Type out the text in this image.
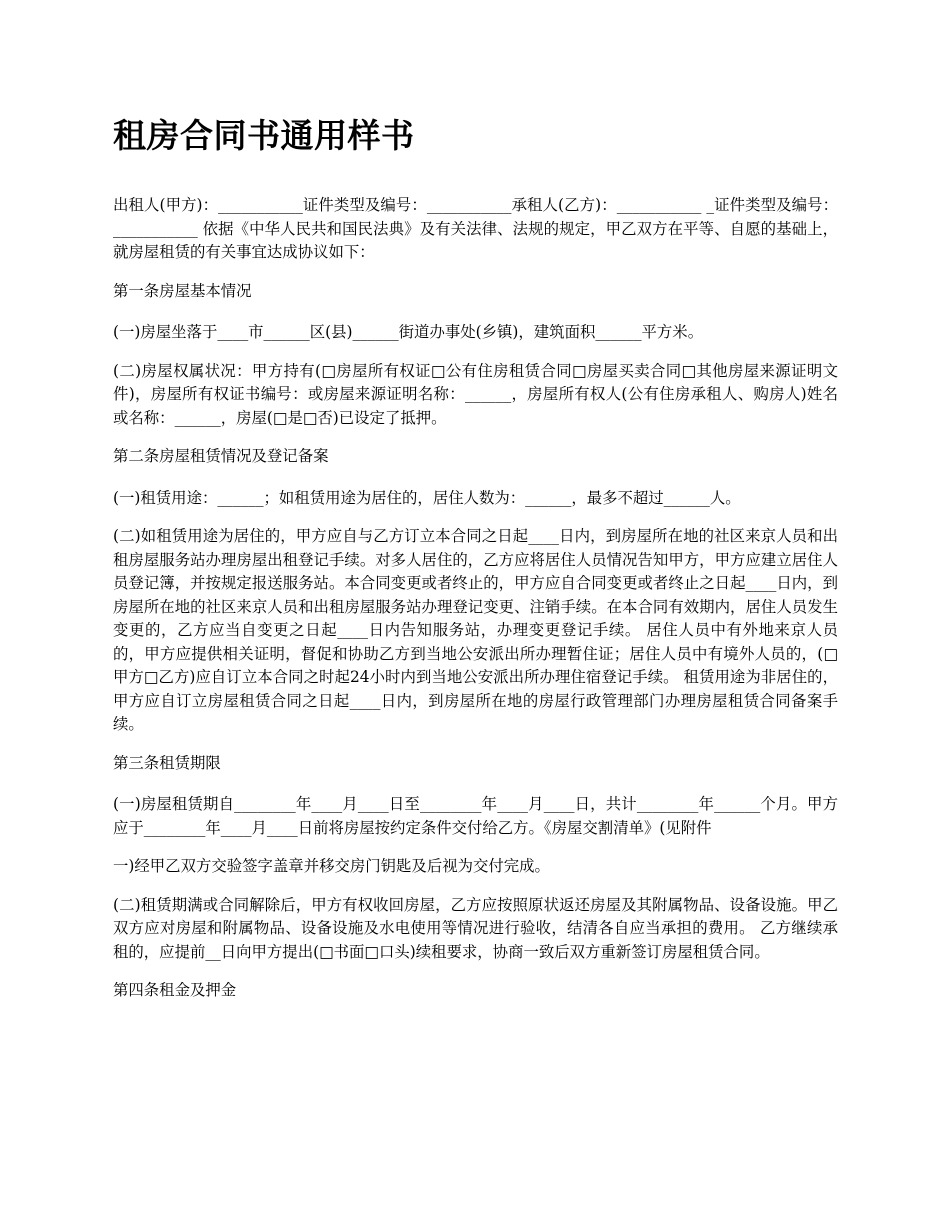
租房合同书通用样书

出租人(甲方)：___________证件类型及编号：___________承租人(乙方)：___________ _证件类型及编号：___________ 依据《中华人民共和国民法典》及有关法律、法规的规定，甲乙双方在平等、自愿的基础上，就房屋租赁的有关事宜达成协议如下：

第一条房屋基本情况

(一)房屋坐落于____市______区(县)______街道办事处(乡镇)，建筑面积______平方米。

(二)房屋权属状况：甲方持有(□房屋所有权证□公有住房租赁合同□房屋买卖合同□其他房屋来源证明文件)，房屋所有权证书编号：或房屋来源证明名称：______，房屋所有权人(公有住房承租人、购房人)姓名或名称：______，房屋(□是□否)已设定了抵押。

第二条房屋租赁情况及登记备案

(一)租赁用途：______；如租赁用途为居住的，居住人数为：______，最多不超过______人。

(二)如租赁用途为居住的，甲方应自与乙方订立本合同之日起____日内，到房屋所在地的社区来京人员和出租房屋服务站办理房屋出租登记手续。对多人居住的，乙方应将居住人员情况告知甲方，甲方应建立居住人员登记簿，并按规定报送服务站。本合同变更或者终止的，甲方应自合同变更或者终止之日起____日内，到房屋所在地的社区来京人员和出租房屋服务站办理登记变更、注销手续。在本合同有效期内，居住人员发生变更的，乙方应当自变更之日起____日内告知服务站，办理变更登记手续。 居住人员中有外地来京人员的，甲方应提供相关证明，督促和协助乙方到当地公安派出所办理暂住证；居住人员中有境外人员的，(□甲方□乙方)应自订立本合同之时起24小时内到当地公安派出所办理住宿登记手续。 租赁用途为非居住的，甲方应自订立房屋租赁合同之日起____日内，到房屋所在地的房屋行政管理部门办理房屋租赁合同备案手续。

第三条租赁期限

(一)房屋租赁期自________年____月____日至________年____月____日，共计________年______个月。甲方应于________年____月____日前将房屋按约定条件交付给乙方。《房屋交割清单》(见附件

一)经甲乙双方交验签字盖章并移交房门钥匙及后视为交付完成。

(二)租赁期满或合同解除后，甲方有权收回房屋，乙方应按照原状返还房屋及其附属物品、设备设施。甲乙双方应对房屋和附属物品、设备设施及水电使用等情况进行验收，结清各自应当承担的费用。 乙方继续承租的，应提前__日向甲方提出(□书面□口头)续租要求，协商一致后双方重新签订房屋租赁合同。

第四条租金及押金
